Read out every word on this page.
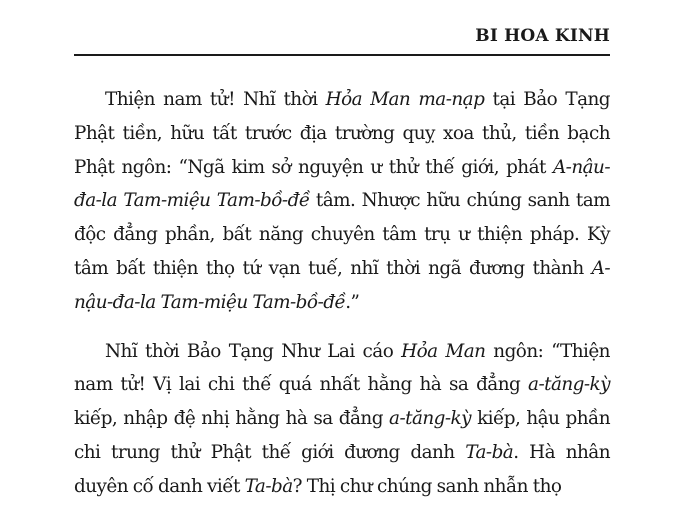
BI HOA KINH

Thiện nam tử! Nhĩ thời Hỏa Man ma-nạp tại Bảo Tạng Phật tiền, hữu tất trước địa trường quỵ xoa thủ, tiền bạch Phật ngôn: “Ngã kim sở nguyện ư thử thế giới, phát A-nậu-đa-la Tam-miệu Tam-bồ-đề tâm. Nhược hữu chúng sanh tam độc đẳng phần, bất năng chuyên tâm trụ ư thiện pháp. Kỳ tâm bất thiện thọ tứ vạn tuế, nhĩ thời ngã đương thành A-nậu-đa-la Tam-miệu Tam-bồ-đề.”

Nhĩ thời Bảo Tạng Như Lai cáo Hỏa Man ngôn: “Thiện nam tử! Vị lai chi thế quá nhất hằng hà sa đẳng a-tăng-kỳ kiếp, nhập đệ nhị hằng hà sa đẳng a-tăng-kỳ kiếp, hậu phần chi trung thử Phật thế giới đương danh Ta-bà. Hà nhân duyên cố danh viết Ta-bà? Thị chư chúng sanh nhẫn thọ
